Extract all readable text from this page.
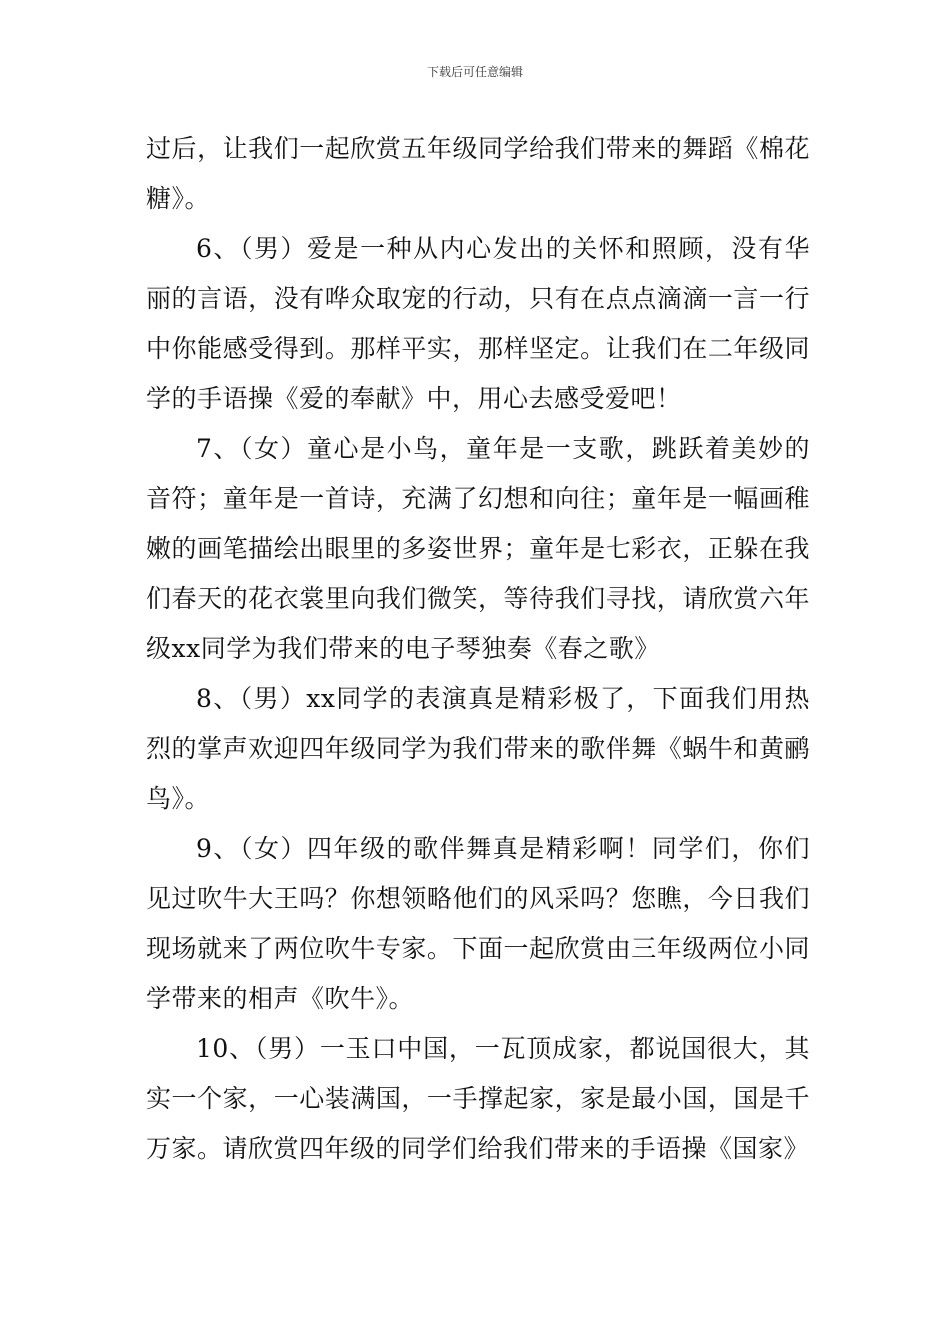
下载后可任意编辑

过后，让我们一起欣赏五年级同学给我们带来的舞蹈《棉花糖》。

6、（男）爱是一种从内心发出的关怀和照顾，没有华丽的言语，没有哗众取宠的行动，只有在点点滴滴一言一行中你能感受得到。那样平实，那样坚定。让我们在二年级同学的手语操《爱的奉献》中，用心去感受爱吧！

7、（女）童心是小鸟，童年是一支歌，跳跃着美妙的音符；童年是一首诗，充满了幻想和向往；童年是一幅画稚嫩的画笔描绘出眼里的多姿世界；童年是七彩衣，正躲在我们春天的花衣裳里向我们微笑，等待我们寻找，请欣赏六年级xx同学为我们带来的电子琴独奏《春之歌》

8、（男）xx同学的表演真是精彩极了，下面我们用热烈的掌声欢迎四年级同学为我们带来的歌伴舞《蜗牛和黄鹂鸟》。

9、（女）四年级的歌伴舞真是精彩啊！同学们，你们见过吹牛大王吗？你想领略他们的风采吗？您瞧，今日我们现场就来了两位吹牛专家。下面一起欣赏由三年级两位小同学带来的相声《吹牛》。

10、（男）一玉口中国，一瓦顶成家，都说国很大，其实一个家，一心装满国，一手撑起家，家是最小国，国是千万家。请欣赏四年级的同学们给我们带来的手语操《国家》
